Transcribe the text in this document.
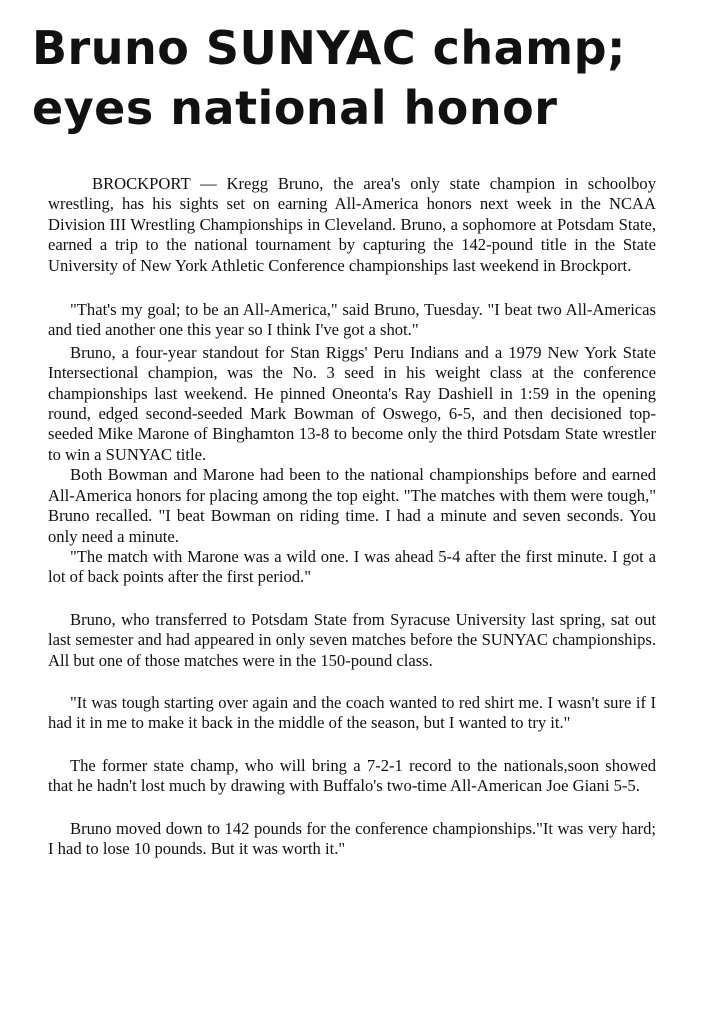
Bruno SUNYAC champ;
eyes national honor

BROCKPORT — Kregg Bruno, the area's only state champion in schoolboy wrestling, has his sights set on earning All-America honors next week in the NCAA Division III Wrestling Championships in Cleveland. Bruno, a sophomore at Potsdam State, earned a trip to the national tournament by capturing the 142-pound title in the State University of New York Athletic Conference championships last weekend in Brockport.

"That's my goal; to be an All-America," said Bruno, Tuesday. "I beat two All-Americas and tied another one this year so I think I've got a shot."

Bruno, a four-year standout for Stan Riggs' Peru Indians and a 1979 New York State Intersectional champion, was the No. 3 seed in his weight class at the conference championships last weekend. He pinned Oneonta's Ray Dashiell in 1:59 in the opening round, edged second-seeded Mark Bowman of Oswego, 6-5, and then decisioned top-seeded Mike Marone of Binghamton 13-8 to become only the third Potsdam State wrestler to win a SUNYAC title.

Both Bowman and Marone had been to the national championships before and earned All-America honors for placing among the top eight. "The matches with them were tough," Bruno recalled. "I beat Bowman on riding time. I had a minute and seven seconds. You only need a minute.

"The match with Marone was a wild one. I was ahead 5-4 after the first minute. I got a lot of back points after the first period."

Bruno, who transferred to Potsdam State from Syracuse University last spring, sat out last semester and had appeared in only seven matches before the SUNYAC championships. All but one of those matches were in the 150-pound class.

"It was tough starting over again and the coach wanted to red shirt me. I wasn't sure if I had it in me to make it back in the middle of the season, but I wanted to try it."

The former state champ, who will bring a 7-2-1 record to the nationals,soon showed that he hadn't lost much by drawing with Buffalo's two-time All-American Joe Giani 5-5.

Bruno moved down to 142 pounds for the conference championships."It was very hard; I had to lose 10 pounds. But it was worth it."
